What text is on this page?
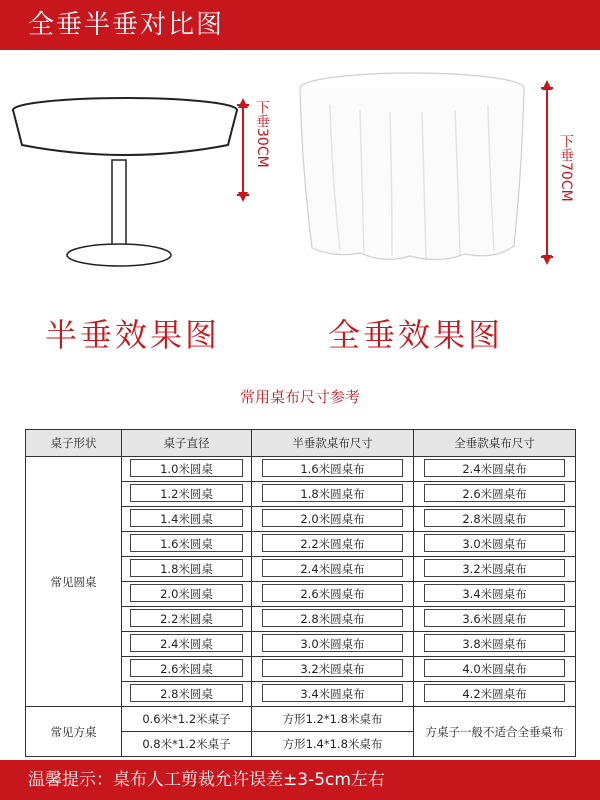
全垂半垂对比图
下垂30CM
下垂70CM
半垂效果图	全垂效果图
常用桌布尺寸参考
桌子形状	桌子直径	半垂款桌布尺寸	全垂款桌布尺寸
常见圆桌	1.0米圆桌	1.6米圆桌布	2.4米圆桌布
	1.2米圆桌	1.8米圆桌布	2.6米圆桌布
	1.4米圆桌	2.0米圆桌布	2.8米圆桌布
	1.6米圆桌	2.2米圆桌布	3.0米圆桌布
	1.8米圆桌	2.4米圆桌布	3.2米圆桌布
	2.0米圆桌	2.6米圆桌布	3.4米圆桌布
	2.2米圆桌	2.8米圆桌布	3.6米圆桌布
	2.4米圆桌	3.0米圆桌布	3.8米圆桌布
	2.6米圆桌	3.2米圆桌布	4.0米圆桌布
	2.8米圆桌	3.4米圆桌布	4.2米圆桌布
常见方桌	0.6米*1.2米桌子	方形1.2*1.8米桌布	方桌子一般不适合全垂桌布
	0.8米*1.2米桌子	方形1.4*1.8米桌布	
温馨提示：桌布人工剪裁允许误差±3-5cm左右
